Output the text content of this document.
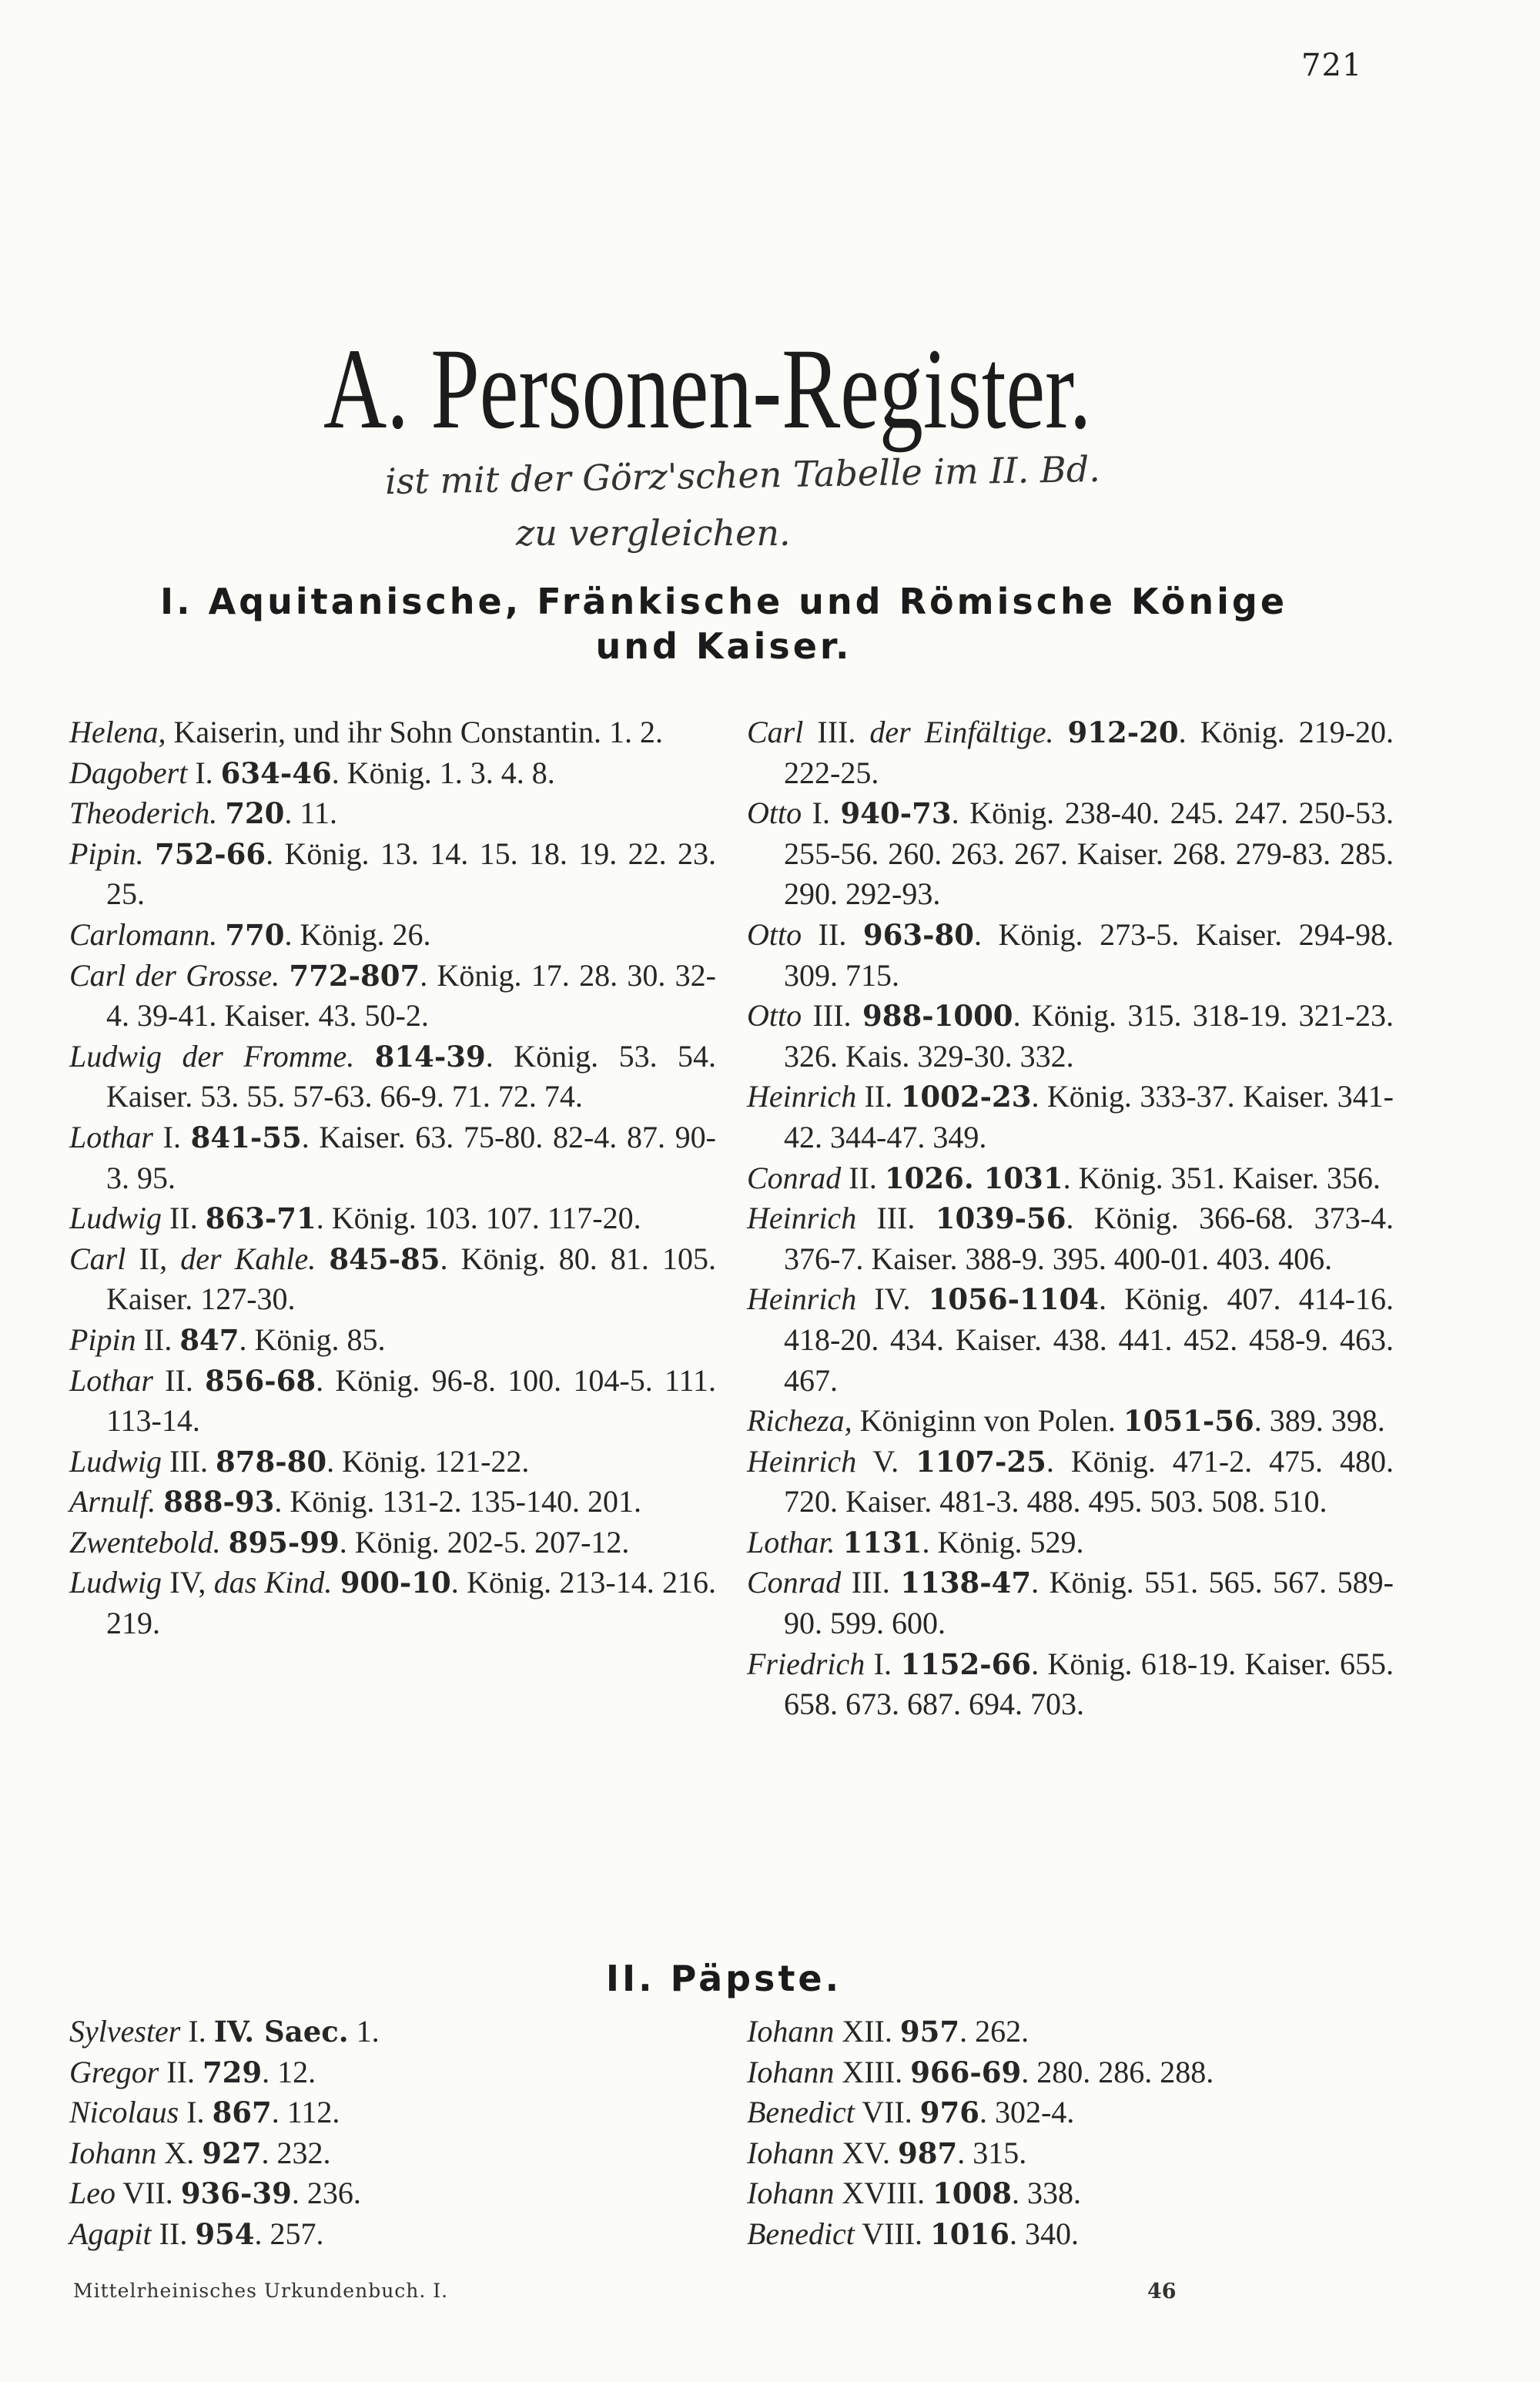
721
A. Personen-Register.
ist mit der Görz'schen Tabelle im II. Bd.
zu vergleichen.
I. Aquitanische, Fränkische und Römische Könige
und Kaiser.
Helena, Kaiserin, und ihr Sohn Constantin. 1. 2.
Dagobert I. 634-46. König. 1. 3. 4. 8.
Theoderich. 720. 11.
Pipin. 752-66. König. 13. 14. 15. 18. 19. 22. 23. 25.
Carlomann. 770. König. 26.
Carl der Grosse. 772-807. König. 17. 28. 30. 32-4. 39-41. Kaiser. 43. 50-2.
Ludwig der Fromme. 814-39. König. 53. 54. Kaiser. 53. 55. 57-63. 66-9. 71. 72. 74.
Lothar I. 841-55. Kaiser. 63. 75-80. 82-4. 87. 90-3. 95.
Ludwig II. 863-71. König. 103. 107. 117-20.
Carl II, der Kahle. 845-85. König. 80. 81. 105. Kaiser. 127-30.
Pipin II. 847. König. 85.
Lothar II. 856-68. König. 96-8. 100. 104-5. 111. 113-14.
Ludwig III. 878-80. König. 121-22.
Arnulf. 888-93. König. 131-2. 135-140. 201.
Zwentebold. 895-99. König. 202-5. 207-12.
Ludwig IV, das Kind. 900-10. König. 213-14. 216. 219.
Carl III. der Einfältige. 912-20. König. 219-20. 222-25.
Otto I. 940-73. König. 238-40. 245. 247. 250-53. 255-56. 260. 263. 267. Kaiser. 268. 279-83. 285. 290. 292-93.
Otto II. 963-80. König. 273-5. Kaiser. 294-98. 309. 715.
Otto III. 988-1000. König. 315. 318-19. 321-23. 326. Kais. 329-30. 332.
Heinrich II. 1002-23. König. 333-37. Kaiser. 341-42. 344-47. 349.
Conrad II. 1026. 1031. König. 351. Kaiser. 356.
Heinrich III. 1039-56. König. 366-68. 373-4. 376-7. Kaiser. 388-9. 395. 400-01. 403. 406.
Heinrich IV. 1056-1104. König. 407. 414-16. 418-20. 434. Kaiser. 438. 441. 452. 458-9. 463. 467.
Richeza, Königinn von Polen. 1051-56. 389. 398.
Heinrich V. 1107-25. König. 471-2. 475. 480. 720. Kaiser. 481-3. 488. 495. 503. 508. 510.
Lothar. 1131. König. 529.
Conrad III. 1138-47. König. 551. 565. 567. 589-90. 599. 600.
Friedrich I. 1152-66. König. 618-19. Kaiser. 655. 658. 673. 687. 694. 703.
II. Päpste.
Sylvester I. IV. Saec. 1.
Gregor II. 729. 12.
Nicolaus I. 867. 112.
Iohann X. 927. 232.
Leo VII. 936-39. 236.
Agapit II. 954. 257.
Iohann XII. 957. 262.
Iohann XIII. 966-69. 280. 286. 288.
Benedict VII. 976. 302-4.
Iohann XV. 987. 315.
Iohann XVIII. 1008. 338.
Benedict VIII. 1016. 340.
Mittelrheinisches Urkundenbuch. I.	46
